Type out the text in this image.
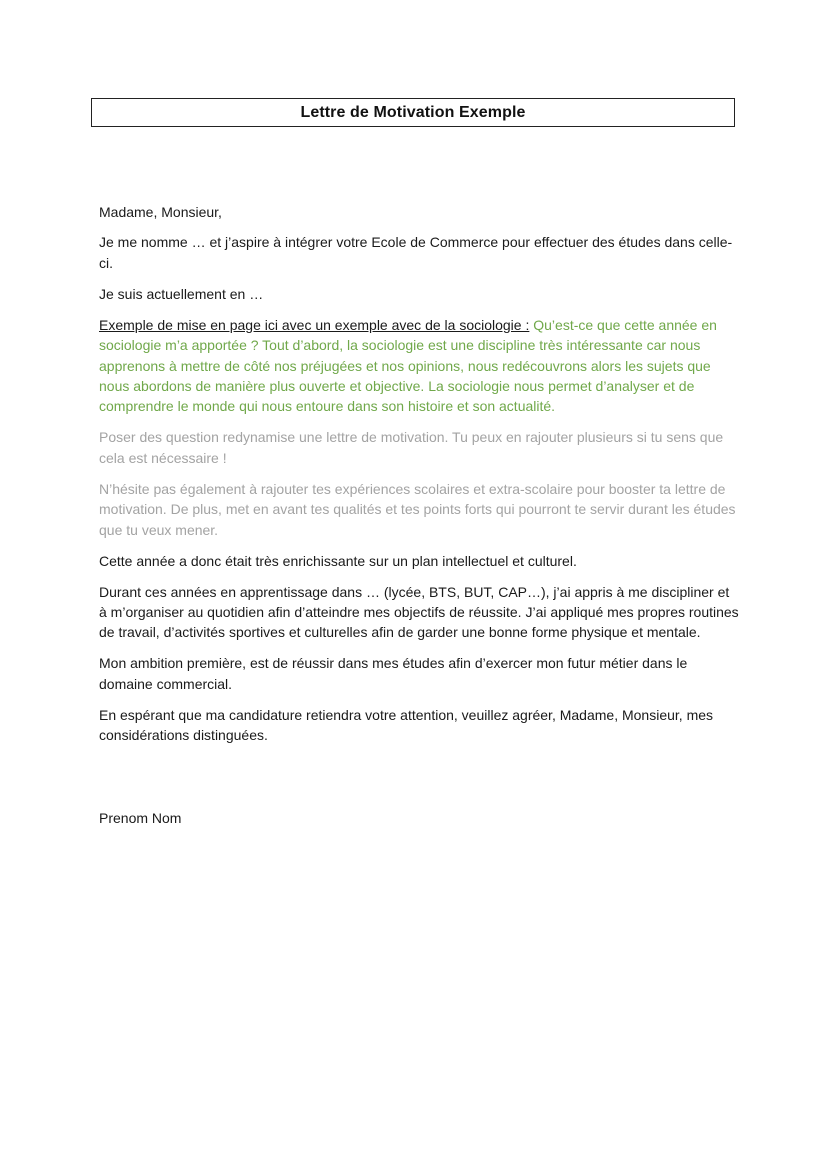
Lettre de Motivation Exemple

Madame, Monsieur,

Je me nomme … et j’aspire à intégrer votre Ecole de Commerce pour effectuer des études dans celle-ci.

Je suis actuellement en …

Exemple de mise en page ici avec un exemple avec de la sociologie : Qu’est-ce que cette année en sociologie m’a apportée ? Tout d’abord, la sociologie est une discipline très intéressante car nous apprenons à mettre de côté nos préjugées et nos opinions, nous redécouvrons alors les sujets que nous abordons de manière plus ouverte et objective. La sociologie nous permet d’analyser et de comprendre le monde qui nous entoure dans son histoire et son actualité.

Poser des question redynamise une lettre de motivation. Tu peux en rajouter plusieurs si tu sens que cela est nécessaire !

N’hésite pas également à rajouter tes expériences scolaires et extra-scolaire pour booster ta lettre de motivation. De plus, met en avant tes qualités et tes points forts qui pourront te servir durant les études que tu veux mener.

Cette année a donc était très enrichissante sur un plan intellectuel et culturel.

Durant ces années en apprentissage dans … (lycée, BTS, BUT, CAP…), j’ai appris à me discipliner et à m’organiser au quotidien afin d’atteindre mes objectifs de réussite. J’ai appliqué mes propres routines de travail, d’activités sportives et culturelles afin de garder une bonne forme physique et mentale.

Mon ambition première, est de réussir dans mes études afin d’exercer mon futur métier dans le domaine commercial.

En espérant que ma candidature retiendra votre attention, veuillez agréer, Madame, Monsieur, mes considérations distinguées.

Prenom Nom
